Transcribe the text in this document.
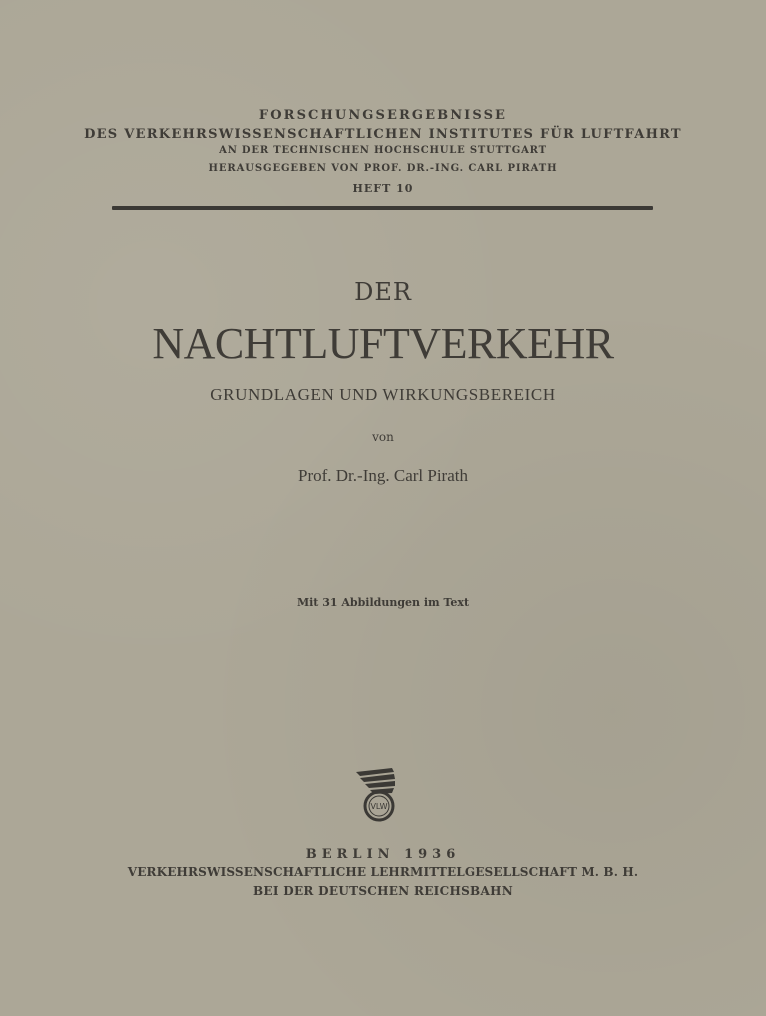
FORSCHUNGSERGEBNISSE
DES VERKEHRSWISSENSCHAFTLICHEN INSTITUTES FÜR LUFTFAHRT
AN DER TECHNISCHEN HOCHSCHULE STUTTGART
HERAUSGEGEBEN VON PROF. DR.-ING. CARL PIRATH
HEFT 10
DER
NACHTLUFTVERKEHR
GRUNDLAGEN UND WIRKUNGSBEREICH
von
Prof. Dr.-Ing. Carl Pirath
Mit 31 Abbildungen im Text
VLW
BERLIN 1936
VERKEHRSWISSENSCHAFTLICHE LEHRMITTELGESELLSCHAFT M. B. H.
BEI DER DEUTSCHEN REICHSBAHN
